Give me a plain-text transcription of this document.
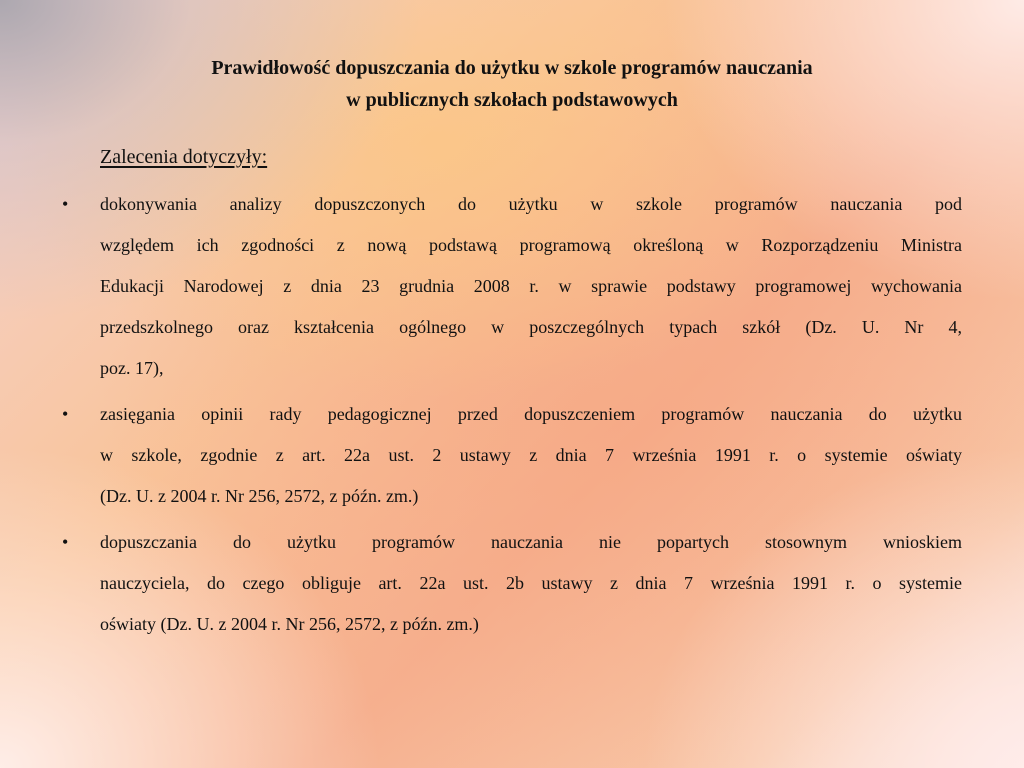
Prawidłowość dopuszczania do użytku w szkole programów nauczania
w publicznych szkołach podstawowych
Zalecenia dotyczyły:
• dokonywania analizy dopuszczonych do użytku w szkole programów nauczania pod
względem ich zgodności z nową podstawą programową określoną w Rozporządzeniu Ministra
Edukacji Narodowej z dnia 23 grudnia 2008 r. w sprawie podstawy programowej wychowania
przedszkolnego oraz kształcenia ogólnego w poszczególnych typach szkół (Dz. U. Nr 4,
poz. 17),
• zasięgania opinii rady pedagogicznej przed dopuszczeniem programów nauczania do użytku
w szkole, zgodnie z art. 22a ust. 2 ustawy z dnia 7 września 1991 r. o systemie oświaty
(Dz. U. z 2004 r. Nr 256, 2572, z późn. zm.)
• dopuszczania do użytku programów nauczania nie popartych stosownym wnioskiem
nauczyciela, do czego obliguje art. 22a ust. 2b ustawy z dnia 7 września 1991 r. o systemie
oświaty (Dz. U. z 2004 r. Nr 256, 2572, z późn. zm.)
